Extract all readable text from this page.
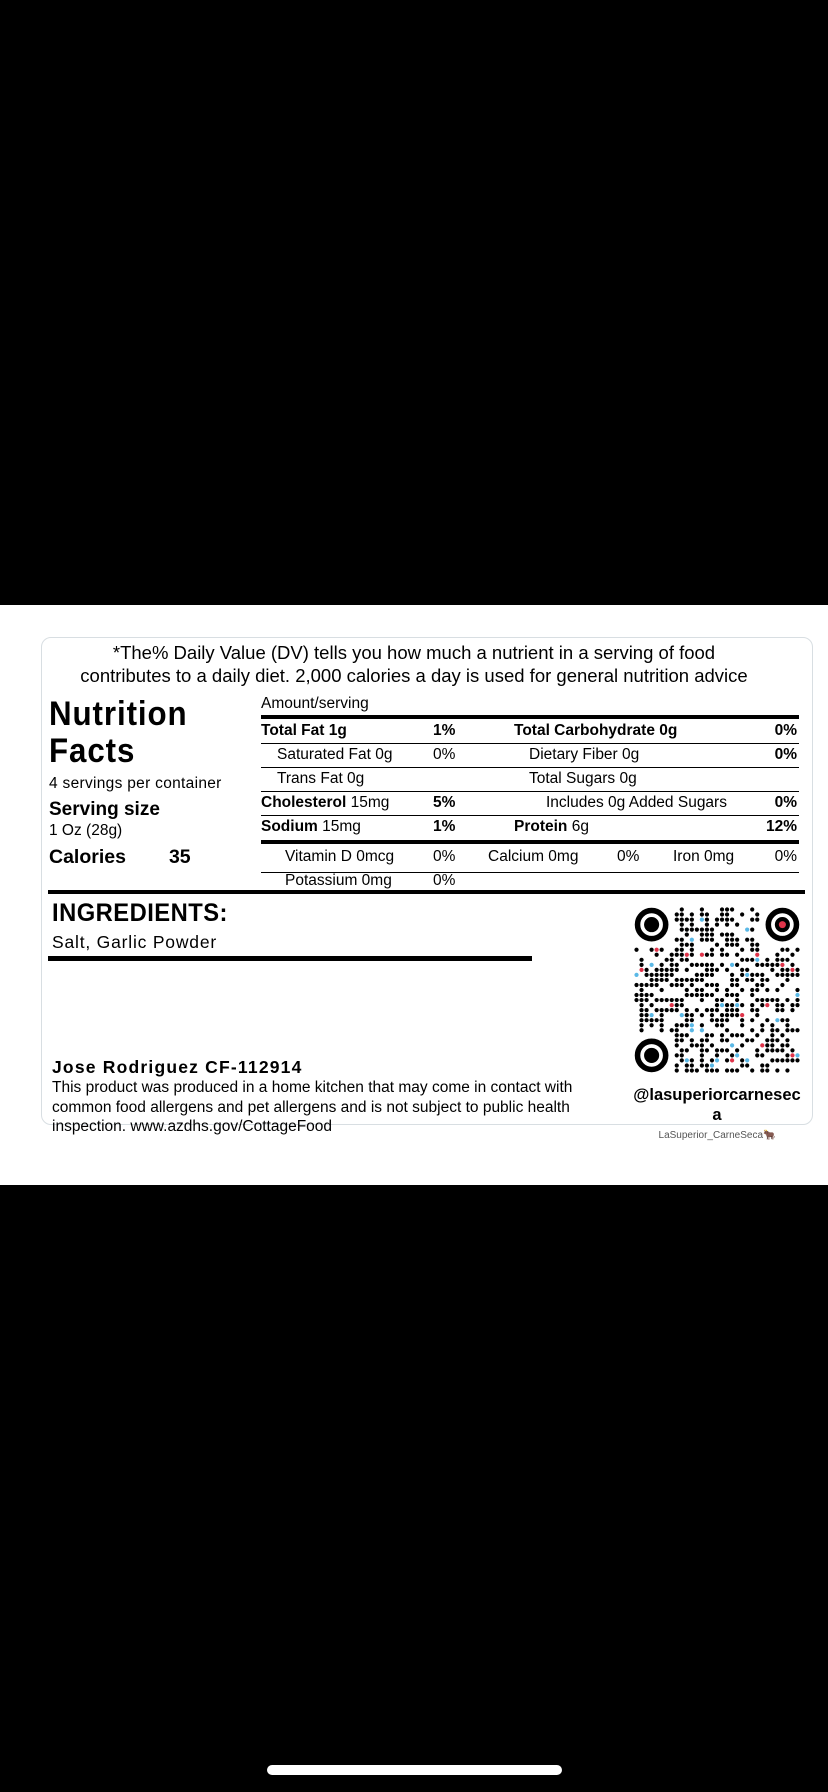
*The% Daily Value (DV) tells you how much a nutrient in a serving of food
contributes to a daily diet. 2,000 calories a day is used for general nutrition advice
Nutrition
Facts
4 servings per container
Serving size
1 Oz (28g)
Calories 35
Amount/serving
Total Fat 1g	1%	Total Carbohydrate 0g	0%
Saturated Fat 0g	0%	Dietary Fiber 0g	0%
Trans Fat 0g	Total Sugars 0g
Cholesterol 15mg	5%	Includes 0g Added Sugars	0%
Sodium 15mg	1%	Protein 6g	12%
Vitamin D 0mcg	0% Calcium 0mg 0% Iron 0mg	0%
Potassium 0mg	0%
INGREDIENTS:
Salt, Garlic Powder
Jose Rodriguez CF-112914
This product was produced in a home kitchen that may come in contact with common food allergens and pet allergens and is not subject to public health inspection. www.azdhs.gov/CottageFood
@lasuperiorcarneseca
LaSuperior_CarneSeca🐂
